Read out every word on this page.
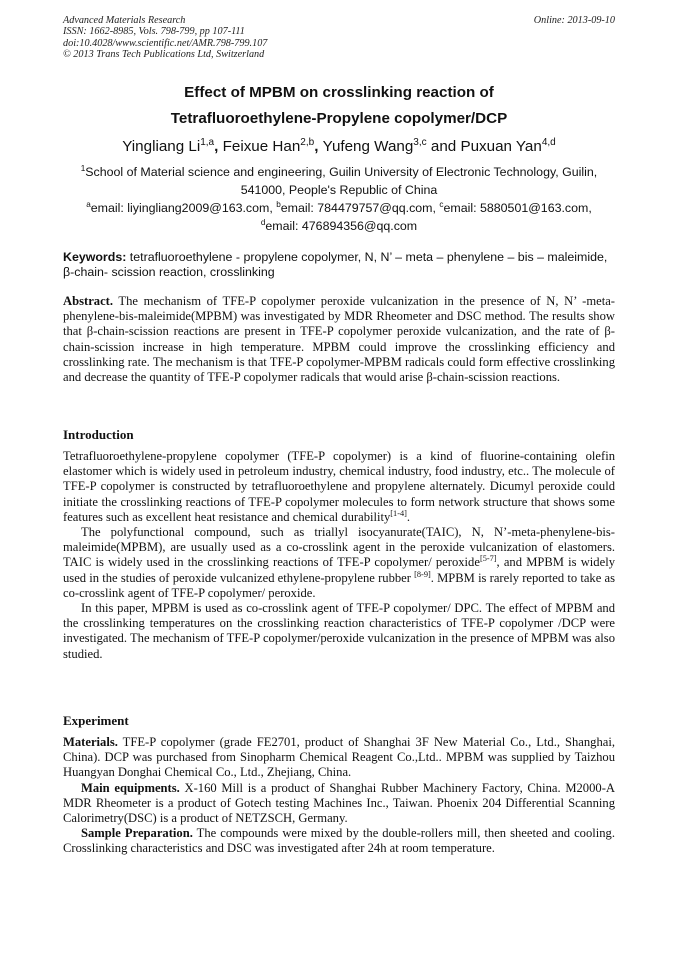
Advanced Materials Research
ISSN: 1662-8985, Vols. 798-799, pp 107-111
doi:10.4028/www.scientific.net/AMR.798-799.107
© 2013 Trans Tech Publications Ltd, Switzerland
Online: 2013-09-10
Effect of MPBM on crosslinking reaction of
Tetrafluoroethylene-Propylene copolymer/DCP
Yingliang Li$^{1,a}$, Feixue Han$^{2,b}$, Yufeng Wang$^{3,c}$ and Puxuan Yan$^{4,d}$

$^1$School of Material science and engineering, Guilin University of Electronic Technology, Guilin, 541000, People's Republic of China

$^a$email: liyingliang2009@163.com, $^b$email: 784479757@qq.com, $^c$email: 5880501@163.com,

$^d$email: 476894356@qq.com

Keywords: tetrafluoroethylene - propylene copolymer, N, N’ – meta – phenylene – bis – maleimide, β-chain- scission reaction, crosslinking

Abstract. The mechanism of TFE-P copolymer peroxide vulcanization in the presence of N, N’ -meta-phenylene-bis-maleimide(MPBM) was investigated by MDR Rheometer and DSC method. The results show that β-chain-scission reactions are present in TFE-P copolymer peroxide vulcanization, and the rate of β-chain-scission increase in high temperature. MPBM could improve the crosslinking efficiency and crosslinking rate. The mechanism is that TFE-P copolymer-MPBM radicals could form effective crosslinking and decrease the quantity of TFE-P copolymer radicals that would arise β-chain-scission reactions.

Introduction

Tetrafluoroethylene-propylene copolymer (TFE-P copolymer) is a kind of fluorine-containing olefin elastomer which is widely used in petroleum industry, chemical industry, food industry, etc.. The molecule of TFE-P copolymer is constructed by tetrafluoroethylene and propylene alternately. Dicumyl peroxide could initiate the crosslinking reactions of TFE-P copolymer molecules to form network structure that shows some features such as excellent heat resistance and chemical durability[1-4].

The polyfunctional compound, such as triallyl isocyanurate(TAIC), N, N’-meta-phenylene-bis-maleimide(MPBM), are usually used as a co-crosslink agent in the peroxide vulcanization of elastomers. TAIC is widely used in the crosslinking reactions of TFE-P copolymer/ peroxide[5-7], and MPBM is widely used in the studies of peroxide vulcanized ethylene-propylene rubber [8-9]. MPBM is rarely reported to take as co-crosslink agent of TFE-P copolymer/ peroxide.

In this paper, MPBM is used as co-crosslink agent of TFE-P copolymer/ DPC. The effect of MPBM and the crosslinking temperatures on the crosslinking reaction characteristics of TFE-P copolymer /DCP were investigated. The mechanism of TFE-P copolymer/peroxide vulcanization in the presence of MPBM was also studied.

Experiment

Materials. TFE-P copolymer (grade FE2701, product of Shanghai 3F New Material Co., Ltd., Shanghai, China). DCP was purchased from Sinopharm Chemical Reagent Co.,Ltd.. MPBM was supplied by Taizhou Huangyan Donghai Chemical Co., Ltd., Zhejiang, China.

Main equipments. X-160 Mill is a product of Shanghai Rubber Machinery Factory, China. M2000-A MDR Rheometer is a product of Gotech testing Machines Inc., Taiwan. Phoenix 204 Differential Scanning Calorimetry(DSC) is a product of NETZSCH, Germany.

Sample Preparation. The compounds were mixed by the double-rollers mill, then sheeted and cooling. Crosslinking characteristics and DSC was investigated after 24h at room temperature.
